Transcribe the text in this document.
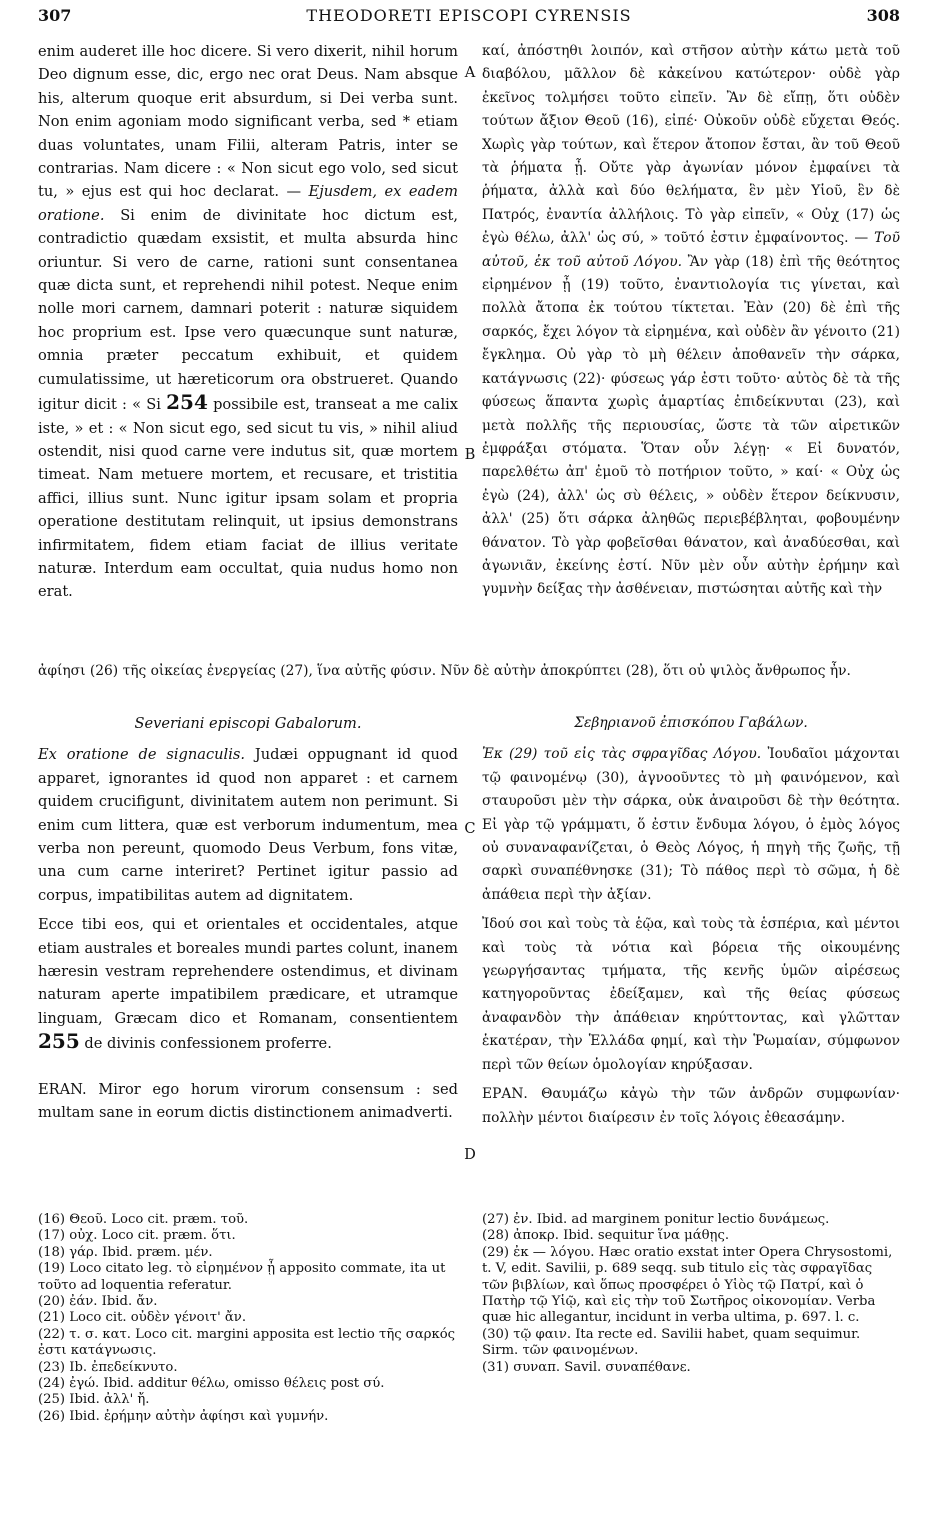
307	THEODORETI EPISCOPI CYRENSIS	308

enim auderet ille hoc dicere. Si vero dixerit, nihil horum Deo dignum esse, dic, ergo nec orat Deus. Nam absque his, alterum quoque erit absurdum, si Dei verba sunt. Non enim agoniam modo significant verba, sed * etiam duas voluntates, unam Filii, alteram Patris, inter se contrarias. Nam dicere : « Non sicut ego volo, sed sicut tu, » ejus est qui hoc declarat. — Ejusdem, ex eadem oratione. Si enim de divinitate hoc dictum est, contradictio quædam exsistit, et multa absurda hinc oriuntur. Si vero de carne, rationi sunt consentanea quæ dicta sunt, et reprehendi nihil potest. Neque enim nolle mori carnem, damnari poterit : naturæ siquidem hoc proprium est. Ipse vero quæcunque sunt naturæ, omnia præter peccatum exhibuit, et quidem cumulatissime, ut hæreticorum ora obstrueret. Quando igitur dicit : « Si 254 possibile est, transeat a me calix iste, » et : « Non sicut ego, sed sicut tu vis, » nihil aliud ostendit, nisi quod carne vere indutus sit, quæ mortem timeat. Nam metuere mortem, et recusare, et tristitia affici, illius sunt. Nunc igitur ipsam solam et propria operatione destitutam relinquit, ut ipsius demonstrans infirmitatem, fidem etiam faciat de illius veritate naturæ. Interdum eam occultat, quia nudus homo non erat.

καί, ἀπόστηθι λοιπόν, καὶ στῆσον αὐτὴν κάτω μετὰ τοῦ διαβόλου, μᾶλλον δὲ κἀκείνου κατώτερον· οὐδὲ γὰρ ἐκεῖνος τολμήσει τοῦτο εἰπεῖν. Ἂν δὲ εἴπῃ, ὅτι οὐδὲν τούτων ἄξιον Θεοῦ (16), εἰπέ· Οὐκοῦν οὐδὲ εὔχεται Θεός. Χωρὶς γὰρ τούτων, καὶ ἕτερον ἄτοπον ἔσται, ἂν τοῦ Θεοῦ τὰ ῥήματα ᾖ. Οὔτε γὰρ ἀγωνίαν μόνον ἐμφαίνει τὰ ῥήματα, ἀλλὰ καὶ δύο θελήματα, ἓν μὲν Υἱοῦ, ἓν δὲ Πατρός, ἐναντία ἀλλήλοις. Τὸ γὰρ εἰπεῖν, « Οὐχ (17) ὡς ἐγὼ θέλω, ἀλλ' ὡς σύ, » τοῦτό ἐστιν ἐμφαίνοντος. — Τοῦ αὐτοῦ, ἐκ τοῦ αὐτοῦ Λόγου. Ἂν γὰρ (18) ἐπὶ τῆς θεότητος εἰρημένον ᾖ (19) τοῦτο, ἐναντιολογία τις γίνεται, καὶ πολλὰ ἄτοπα ἐκ τούτου τίκτεται. Ἐὰν (20) δὲ ἐπὶ τῆς σαρκός, ἔχει λόγον τὰ εἰρημένα, καὶ οὐδὲν ἂν γένοιτο (21) ἔγκλημα. Οὐ γὰρ τὸ μὴ θέλειν ἀποθανεῖν τὴν σάρκα, κατάγνωσις (22)· φύσεως γάρ ἐστι τοῦτο· αὐτὸς δὲ τὰ τῆς φύσεως ἅπαντα χωρὶς ἁμαρτίας ἐπιδείκνυται (23), καὶ μετὰ πολλῆς τῆς περιουσίας, ὥστε τὰ τῶν αἱρετικῶν ἐμφράξαι στόματα. Ὅταν οὖν λέγῃ· « Εἰ δυνατόν, παρελθέτω ἀπ' ἐμοῦ τὸ ποτήριον τοῦτο, » καί· « Οὐχ ὡς ἐγὼ (24), ἀλλ' ὡς σὺ θέλεις, » οὐδὲν ἕτερον δείκνυσιν, ἀλλ' (25) ὅτι σάρκα ἀληθῶς περιεβέβληται, φοβουμένην θάνατον. Τὸ γὰρ φοβεῖσθαι θάνατον, καὶ ἀναδύεσθαι, καὶ ἀγωνιᾶν, ἐκείνης ἐστί. Νῦν μὲν οὖν αὐτὴν ἐρήμην καὶ γυμνὴν δείξας τὴν ἀσθένειαν, πιστώσηται αὐτῆς καὶ τὴν

A
B
ἀφίησι (26) τῆς οἰκείας ἐνεργείας (27), ἵνα αὐτῆς φύσιν. Νῦν δὲ αὐτὴν ἀποκρύπτει (28), ὅτι οὐ ψιλὸς ἄνθρωπος ἦν.

Severiani episcopi Gabalorum.

Ex oratione de signaculis. Judæi oppugnant id quod apparet, ignorantes id quod non apparet : et carnem quidem crucifigunt, divinitatem autem non perimunt. Si enim cum littera, quæ est verborum indumentum, mea verba non pereunt, quomodo Deus Verbum, fons vitæ, una cum carne interiret? Pertinet igitur passio ad corpus, impatibilitas autem ad dignitatem.

Ecce tibi eos, qui et orientales et occidentales, atque etiam australes et boreales mundi partes colunt, inanem hæresin vestram reprehendere ostendimus, et divinam naturam aperte impatibilem prædicare, et utramque linguam, Græcam dico et Romanam, consentientem 255 de divinis confessionem proferre.

ERAN. Miror ego horum virorum consensum : sed multam sane in eorum dictis distinctionem animadverti.

Σεβηριανοῦ ἐπισκόπου Γαβάλων.

Ἐκ (29) τοῦ εἰς τὰς σφραγῖδας Λόγου. Ἰουδαῖοι μάχονται τῷ φαινομένῳ (30), ἀγνοοῦντες τὸ μὴ φαινόμενον, καὶ σταυροῦσι μὲν τὴν σάρκα, οὐκ ἀναιροῦσι δὲ τὴν θεότητα. Εἰ γὰρ τῷ γράμματι, ὅ ἐστιν ἔνδυμα λόγου, ὁ ἐμὸς λόγος οὐ συναναφανίζεται, ὁ Θεὸς Λόγος, ἡ πηγὴ τῆς ζωῆς, τῇ σαρκὶ συναπέθνησκε (31); Τὸ πάθος περὶ τὸ σῶμα, ἡ δὲ ἀπάθεια περὶ τὴν ἀξίαν.

Ἰδού σοι καὶ τοὺς τὰ ἑῷα, καὶ τοὺς τὰ ἑσπέρια, καὶ μέντοι καὶ τοὺς τὰ νότια καὶ βόρεια τῆς οἰκουμένης γεωργήσαντας τμήματα, τῆς κενῆς ὑμῶν αἱρέσεως κατηγοροῦντας ἐδείξαμεν, καὶ τῆς θείας φύσεως ἀναφανδὸν τὴν ἀπάθειαν κηρύττοντας, καὶ γλῶτταν ἑκατέραν, τὴν Ἑλλάδα φημί, καὶ τὴν Ῥωμαίαν, σύμφωνον περὶ τῶν θείων ὁμολογίαν κηρύξασαν.

ΕΡΑΝ. Θαυμάζω κἀγὼ τὴν τῶν ἀνδρῶν συμφωνίαν· πολλὴν μέντοι διαίρεσιν ἐν τοῖς λόγοις ἐθεασάμην.

C
D
(16) Θεοῦ. Loco cit. præm. τοῦ.
(17) οὐχ. Loco cit. præm. ὅτι.
(18) γάρ. Ibid. præm. μέν.
(19) Loco citato leg. τὸ εἰρημένον ᾖ apposito commate, ita ut τοῦτο ad loquentia referatur.
(20) ἐάν. Ibid. ἄν.
(21) Loco cit. οὐδὲν γένοιτ' ἄν.
(22) τ. σ. κατ. Loco cit. margini apposita est lectio τῆς σαρκός ἐστι κατάγνωσις.
(23) Ib. ἐπεδείκνυτο.
(24) ἐγώ. Ibid. additur θέλω, omisso θέλεις post σύ.
(25) Ibid. ἀλλ' ἤ.
(26) Ibid. ἐρήμην αὐτὴν ἀφίησι καὶ γυμνήν.
(27) ἐν. Ibid. ad marginem ponitur lectio δυνάμεως.
(28) ἀποκρ. Ibid. sequitur ἵνα μάθῃς.
(29) ἐκ — λόγου. Hæc oratio exstat inter Opera Chrysostomi, t. V, edit. Savilii, p. 689 seqq. sub titulo εἰς τὰς σφραγῖδας τῶν βιβλίων, καὶ ὅπως προσφέρει ὁ Υἱὸς τῷ Πατρί, καὶ ὁ Πατὴρ τῷ Υἱῷ, καὶ εἰς τὴν τοῦ Σωτῆρος οἰκονομίαν. Verba quæ hic allegantur, incidunt in verba ultima, p. 697. l. c.
(30) τῷ φαιν. Ita recte ed. Savilii habet, quam sequimur. Sirm. τῶν φαινομένων.
(31) συναπ. Savil. συναπέθανε.
